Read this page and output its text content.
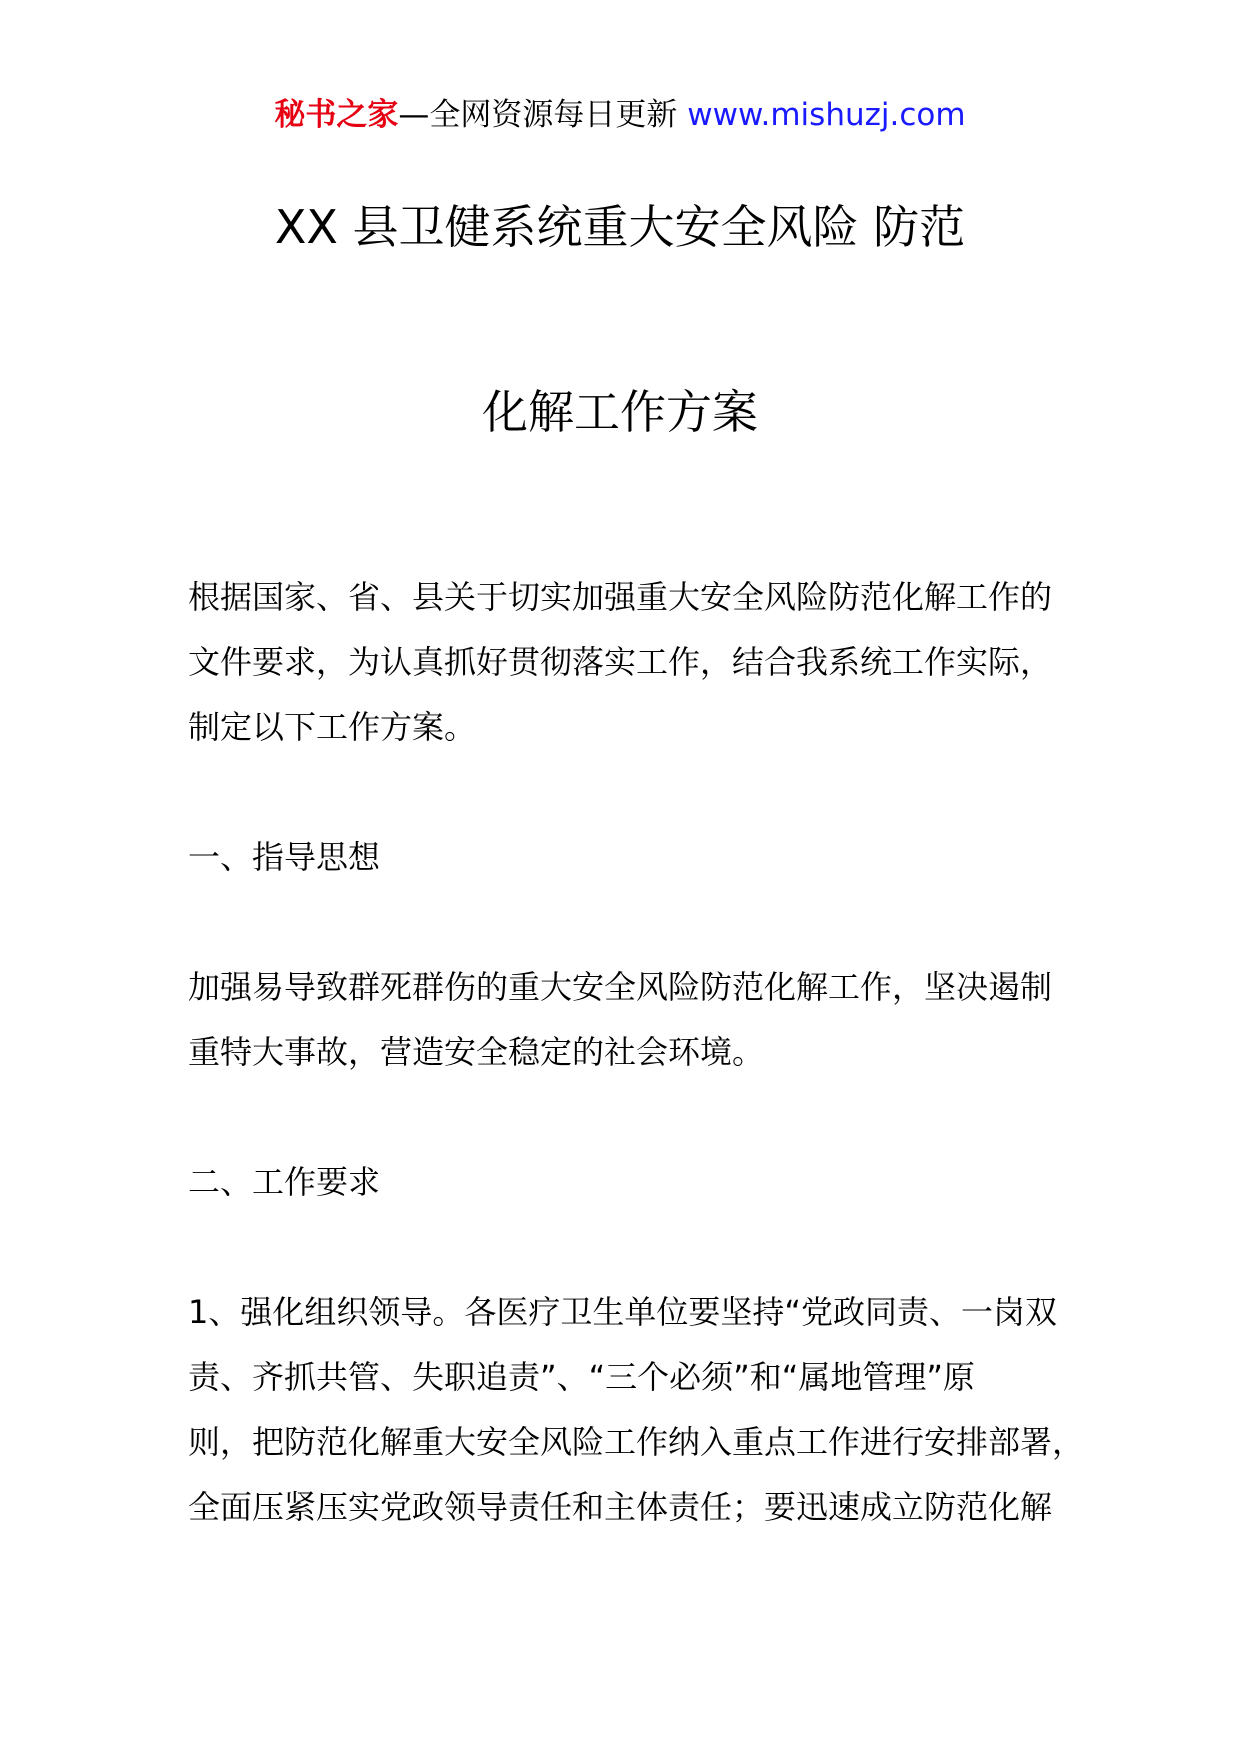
秘书之家—全网资源每日更新 www.mishuzj.com
XX 县卫健系统重大安全风险 防范
化解工作方案
根据国家、省、县关于切实加强重大安全风险防范化解工作的
文件要求，为认真抓好贯彻落实工作，结合我系统工作实际，
制定以下工作方案。
一、指导思想
加强易导致群死群伤的重大安全风险防范化解工作，坚决遏制
重特大事故，营造安全稳定的社会环境。
二、工作要求
1、强化组织领导。各医疗卫生单位要坚持“党政同责、一岗双
责、齐抓共管、失职追责”、“三个必须”和“属地管理”原
则，把防范化解重大安全风险工作纳入重点工作进行安排部署，
全面压紧压实党政领导责任和主体责任；要迅速成立防范化解
